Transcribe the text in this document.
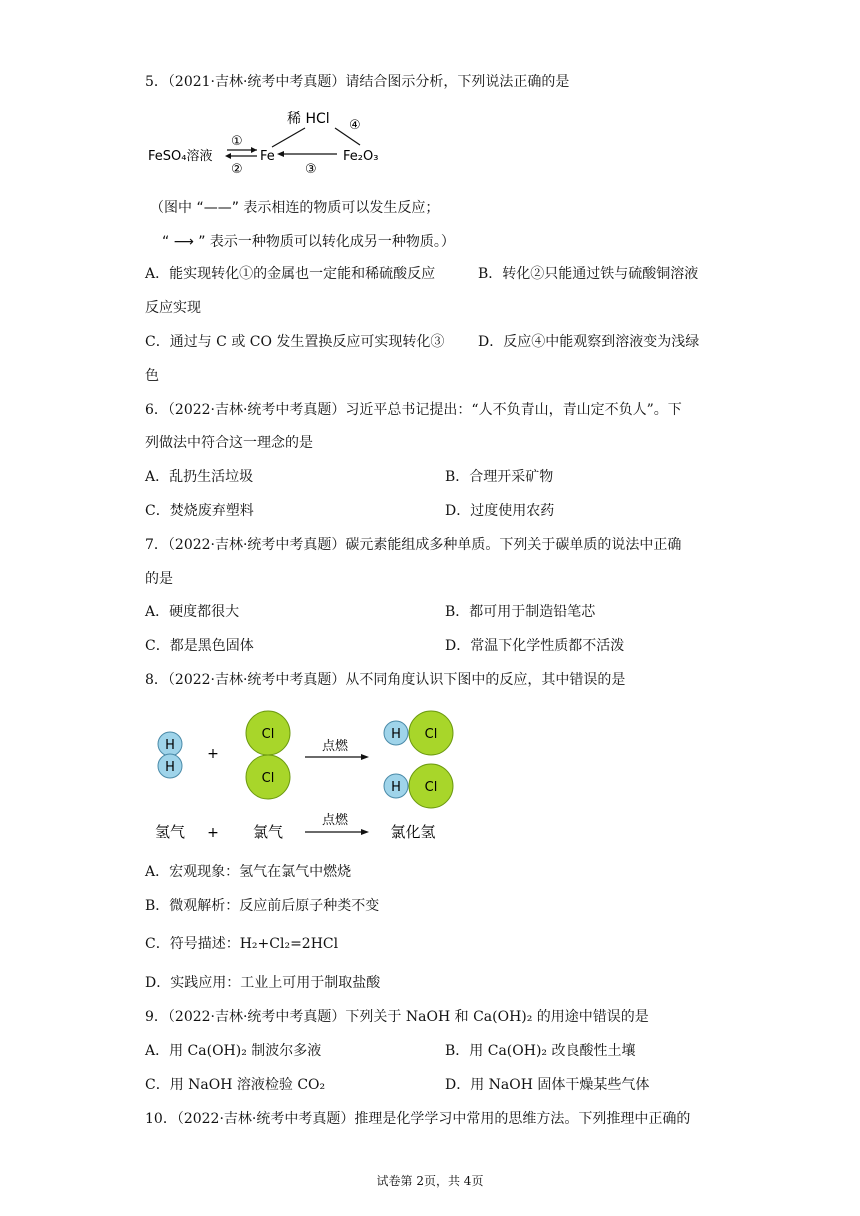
5．（2021·吉林·统考中考真题）请结合图示分析，下列说法正确的是
稀 HCl
FeSO₄溶液	Fe	Fe₂O₃
①
②
④
③
（图中 “——” 表示相连的物质可以发生反应；
“ ⟶ ” 表示一种物质可以转化成另一种物质。）
A．能实现转化①的金属也一定能和稀硫酸反应	B．转化②只能通过铁与硫酸铜溶液
反应实现
C．通过与 C 或 CO 发生置换反应可实现转化③ D．反应④中能观察到溶液变为浅绿
色
6．（2022·吉林·统考中考真题）习近平总书记提出：“人不负青山，青山定不负人”。下
列做法中符合这一理念的是
A．乱扔生活垃圾	B．合理开采矿物
C．焚烧废弃塑料	D．过度使用农药
7．（2022·吉林·统考中考真题）碳元素能组成多种单质。下列关于碳单质的说法中正确
的是
A．硬度都很大	B．都可用于制造铅笔芯
C．都是黑色固体	D．常温下化学性质都不活泼
8．（2022·吉林·统考中考真题）从不同角度认识下图中的反应，其中错误的是
H
H
+
Cl
Cl
点燃
H Cl
H Cl
氢气 + 氯气
点燃
氯化氢
A．宏观现象：氢气在氯气中燃烧
B．微观解析：反应前后原子种类不变
C．符号描述：H₂+Cl₂=2HCl
D．实践应用：工业上可用于制取盐酸
9．（2022·吉林·统考中考真题）下列关于 NaOH 和 Ca(OH)₂ 的用途中错误的是
A．用 Ca(OH)₂ 制波尔多液	B．用 Ca(OH)₂ 改良酸性土壤
C．用 NaOH 溶液检验 CO₂	D．用 NaOH 固体干燥某些气体
10．（2022·吉林·统考中考真题）推理是化学学习中常用的思维方法。下列推理中正确的
试卷第 2页，共 4页
